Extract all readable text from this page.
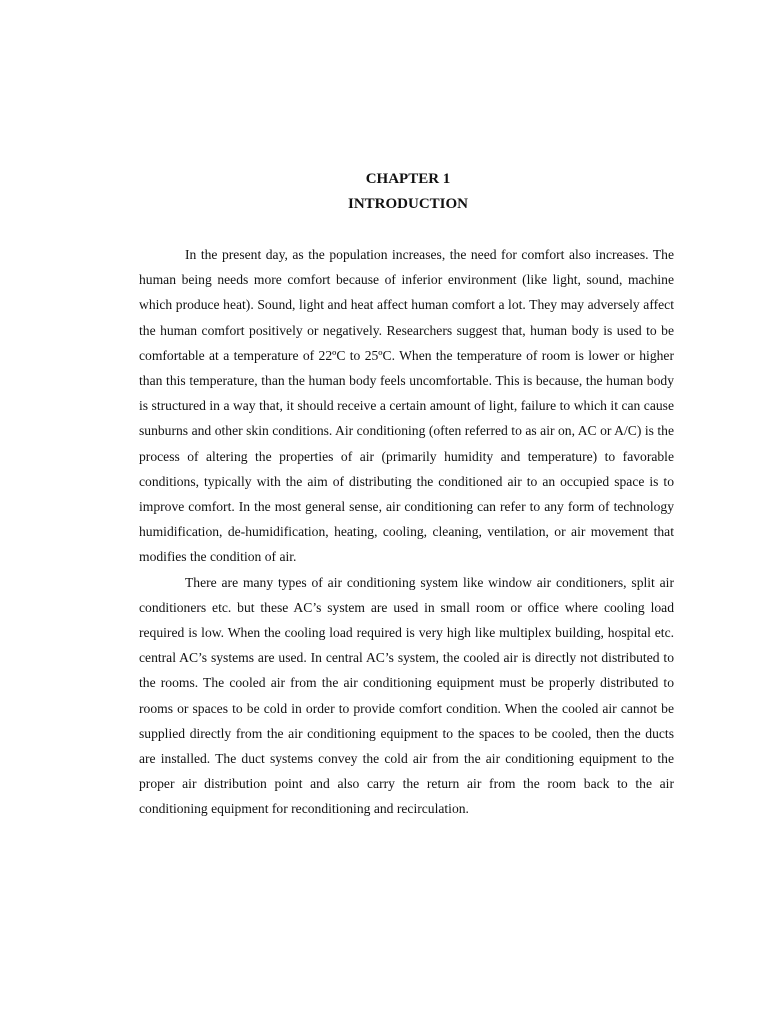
CHAPTER 1
INTRODUCTION

In the present day, as the population increases, the need for comfort also increases. The human being needs more comfort because of inferior environment (like light, sound, machine which produce heat). Sound, light and heat affect human comfort a lot. They may adversely affect the human comfort positively or negatively. Researchers suggest that, human body is used to be comfortable at a temperature of 22ºC to 25ºC. When the temperature of room is lower or higher than this temperature, than the human body feels uncomfortable. This is because, the human body is structured in a way that, it should receive a certain amount of light, failure to which it can cause sunburns and other skin conditions. Air conditioning (often referred to as air on, AC or A/C) is the process of altering the properties of air (primarily humidity and temperature) to favorable conditions, typically with the aim of distributing the conditioned air to an occupied space is to improve comfort. In the most general sense, air conditioning can refer to any form of technology humidification, de-humidification, heating, cooling, cleaning, ventilation, or air movement that modifies the condition of air.

There are many types of air conditioning system like window air conditioners, split air conditioners etc. but these AC’s system are used in small room or office where cooling load required is low. When the cooling load required is very high like multiplex building, hospital etc. central AC’s systems are used. In central AC’s system, the cooled air is directly not distributed to the rooms. The cooled air from the air conditioning equipment must be properly distributed to rooms or spaces to be cold in order to provide comfort condition. When the cooled air cannot be supplied directly from the air conditioning equipment to the spaces to be cooled, then the ducts are installed. The duct systems convey the cold air from the air conditioning equipment to the proper air distribution point and also carry the return air from the room back to the air conditioning equipment for reconditioning and recirculation.
